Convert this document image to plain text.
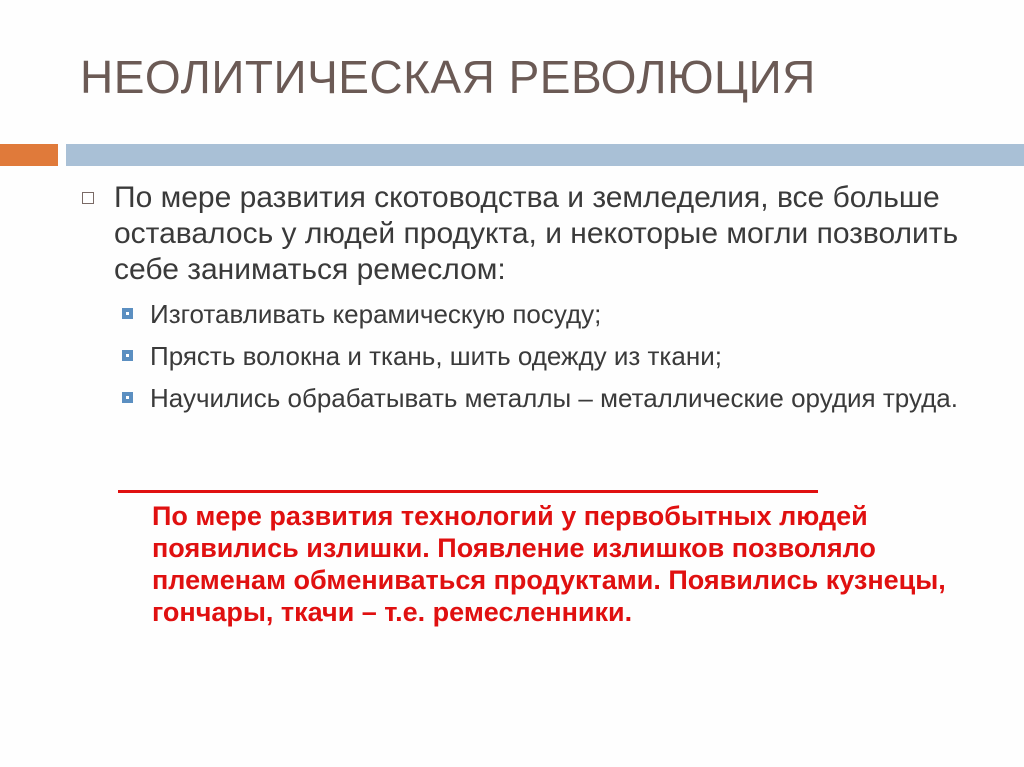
НЕОЛИТИЧЕСКАЯ РЕВОЛЮЦИЯ
По мере развития скотоводства и земледелия, все больше оставалось у людей продукта, и некоторые могли позволить себе заниматься ремеслом:
Изготавливать керамическую посуду;
Прясть волокна и ткань, шить одежду из ткани;
Научились обрабатывать металлы – металлические орудия труда.
По мере развития технологий у первобытных людей появились излишки. Появление излишков позволяло племенам обмениваться продуктами. Появились кузнецы, гончары, ткачи – т.е. ремесленники.
